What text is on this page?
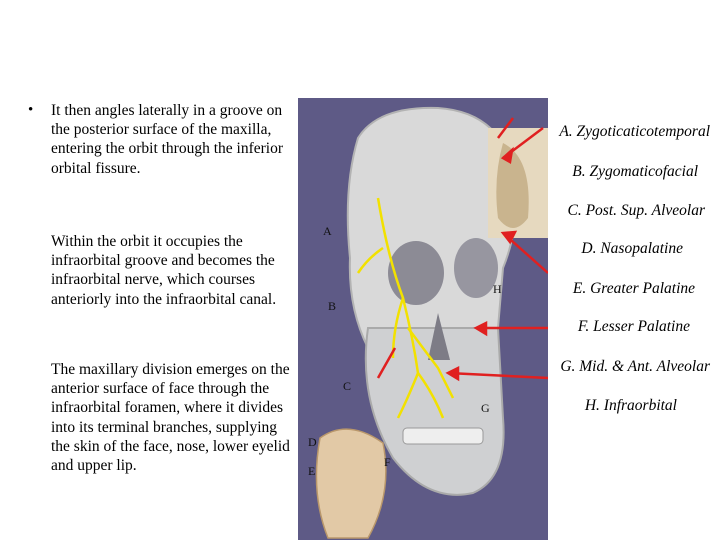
• It then angles laterally in a groove on the posterior surface of the maxilla, entering the orbit through the inferior orbital fissure.

Within the orbit it occupies the infraorbital groove and becomes the infraorbital nerve, which courses anteriorly into the infraorbital canal.

The maxillary division emerges on the anterior surface of face through the infraorbital foramen, where it divides into its terminal branches, supplying the skin of the face, nose, lower eyelid and upper lip.

A
B
C
D
E
F
G
H
A. Zygoticaticotemporal
B. Zygomaticofacial
C. Post. Sup. Alveolar
D. Nasopalatine
E. Greater Palatine
F. Lesser Palatine
G. Mid. & Ant. Alveolar
H. Infraorbital
